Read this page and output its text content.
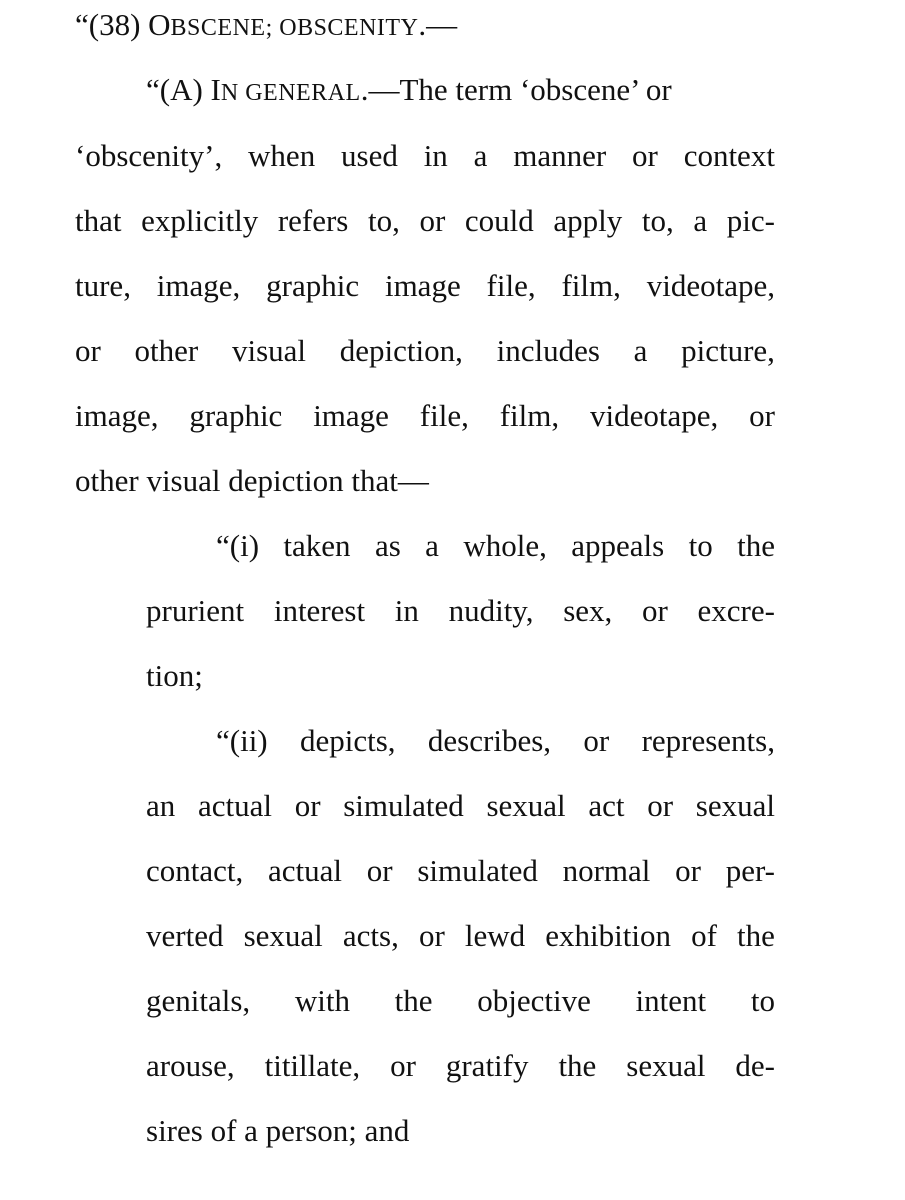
“(38) OBSCENE; OBSCENITY.—
“(A) IN GENERAL.—The term ‘obscene’ or
‘obscenity’, when used in a manner or context
that explicitly refers to, or could apply to, a pic-
ture, image, graphic image file, film, videotape,
or other visual depiction, includes a picture,
image, graphic image file, film, videotape, or
other visual depiction that—
“(i) taken as a whole, appeals to the
prurient interest in nudity, sex, or excre-
tion;
“(ii) depicts, describes, or represents,
an actual or simulated sexual act or sexual
contact, actual or simulated normal or per-
verted sexual acts, or lewd exhibition of the
genitals, with the objective intent to
arouse, titillate, or gratify the sexual de-
sires of a person; and
